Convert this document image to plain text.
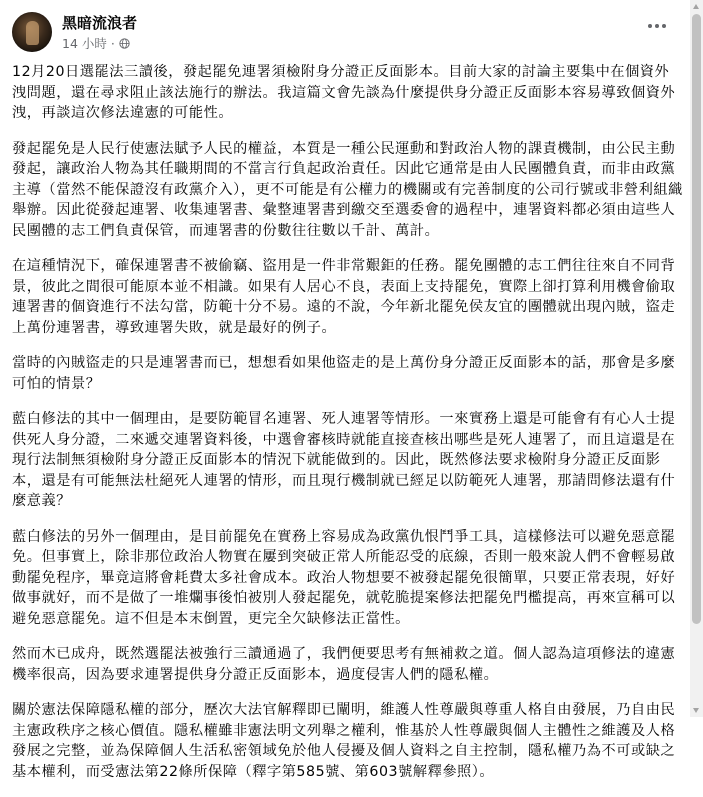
黑暗流浪者
14 小時 ·

12月20日選罷法三讀後，發起罷免連署須檢附身分證正反面影本。目前大家的討論主要集中在個資外洩問題，還在尋求阻止該法施行的辦法。我這篇文會先談為什麼提供身分證正反面影本容易導致個資外洩，再談這次修法違憲的可能性。

發起罷免是人民行使憲法賦予人民的權益，本質是一種公民運動和對政治人物的課責機制，由公民主動發起，讓政治人物為其任職期間的不當言行負起政治責任。因此它通常是由人民團體負責，而非由政黨主導（當然不能保證沒有政黨介入），更不可能是有公權力的機關或有完善制度的公司行號或非營利組織舉辦。因此從發起連署、收集連署書、彙整連署書到繳交至選委會的過程中，連署資料都必須由這些人民團體的志工們負責保管，而連署書的份數往往數以千計、萬計。

在這種情況下，確保連署書不被偷竊、盜用是一件非常艱鉅的任務。罷免團體的志工們往往來自不同背景，彼此之間很可能原本並不相識。如果有人居心不良，表面上支持罷免，實際上卻打算利用機會偷取連署書的個資進行不法勾當，防範十分不易。遠的不說，今年新北罷免侯友宜的團體就出現內賊，盜走上萬份連署書，導致連署失敗，就是最好的例子。

當時的內賊盜走的只是連署書而已，想想看如果他盜走的是上萬份身分證正反面影本的話，那會是多麼可怕的情景？

藍白修法的其中一個理由，是要防範冒名連署、死人連署等情形。一來實務上還是可能會有有心人士提供死人身分證，二來遞交連署資料後，中選會審核時就能直接查核出哪些是死人連署了，而且這還是在現行法制無須檢附身分證正反面影本的情況下就能做到的。因此，既然修法要求檢附身分證正反面影本，還是有可能無法杜絕死人連署的情形，而且現行機制就已經足以防範死人連署，那請問修法還有什麼意義？

藍白修法的另外一個理由，是目前罷免在實務上容易成為政黨仇恨鬥爭工具，這樣修法可以避免惡意罷免。但事實上，除非那位政治人物實在屢到突破正常人所能忍受的底線，否則一般來說人們不會輕易啟動罷免程序，畢竟這將會耗費太多社會成本。政治人物想要不被發起罷免很簡單，只要正常表現，好好做事就好，而不是做了一堆爛事後怕被別人發起罷免，就乾脆提案修法把罷免門檻提高，再來宣稱可以避免惡意罷免。這不但是本末倒置，更完全欠缺修法正當性。

然而木已成舟，既然選罷法被強行三讀通過了，我們便要思考有無補救之道。個人認為這項修法的違憲機率很高，因為要求連署提供身分證正反面影本，過度侵害人們的隱私權。

關於憲法保障隱私權的部分，歷次大法官解釋即已闡明，維護人性尊嚴與尊重人格自由發展，乃自由民主憲政秩序之核心價值。隱私權雖非憲法明文列舉之權利，惟基於人性尊嚴與個人主體性之維護及人格發展之完整，並為保障個人生活私密領域免於他人侵擾及個人資料之自主控制，隱私權乃為不可或缺之基本權利，而受憲法第22條所保障（釋字第585號、第603號解釋參照）。
